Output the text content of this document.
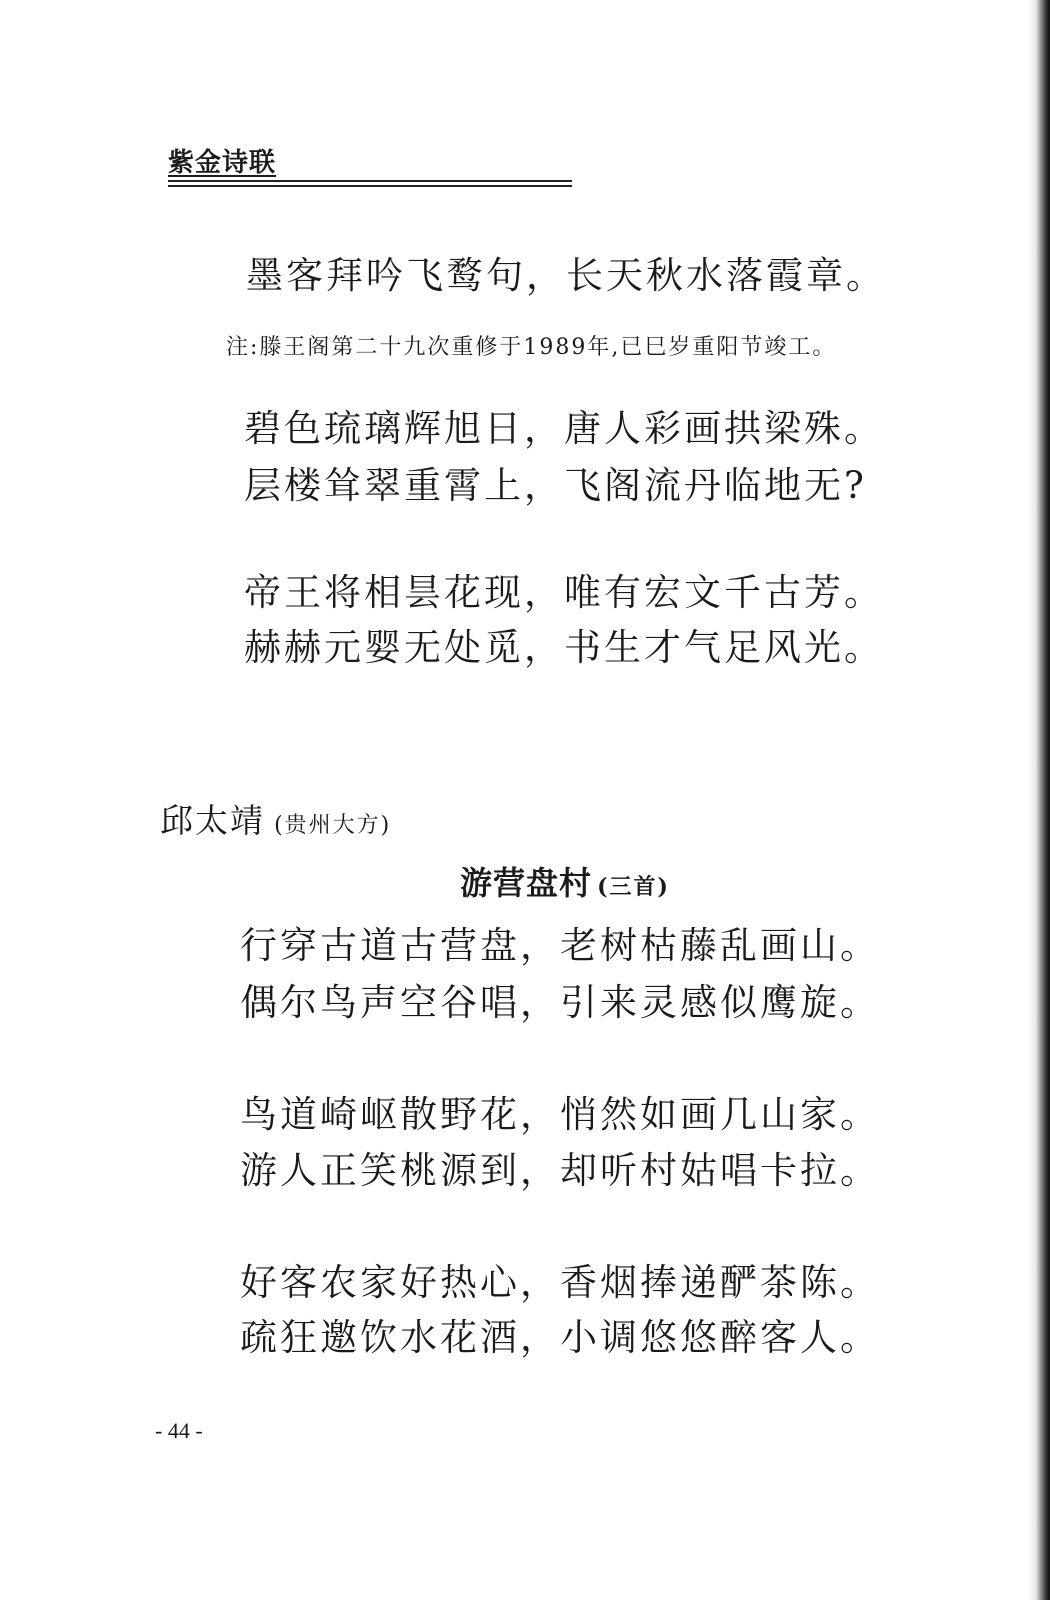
紫金诗联
墨客拜吟飞鹜句，长天秋水落霞章。
注:滕王阁第二十九次重修于1989年,已巳岁重阳节竣工。
碧色琉璃辉旭日，唐人彩画拱梁殊。
层楼耸翠重霄上，飞阁流丹临地无?
帝王将相昙花现，唯有宏文千古芳。
赫赫元婴无处觅，书生才气足风光。
邱太靖 (贵州大方)
游营盘村 (三首)
行穿古道古营盘，老树枯藤乱画山。
偶尔鸟声空谷唱，引来灵感似鹰旋。
鸟道崎岖散野花，悄然如画几山家。
游人正笑桃源到，却听村姑唱卡拉。
好客农家好热心，香烟捧递酽茶陈。
疏狂邀饮水花酒，小调悠悠醉客人。
- 44 -
